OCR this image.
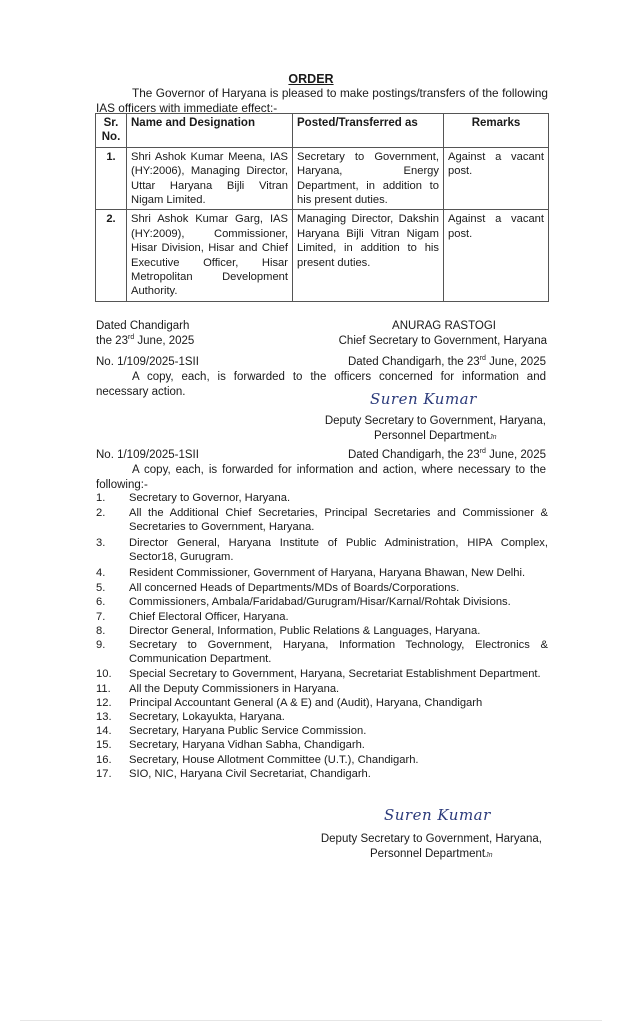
ORDER
The Governor of Haryana is pleased to make postings/transfers of the following IAS officers with immediate effect:-
Sr. No.	Name and Designation	Posted/Transferred as	Remarks
1.	Shri Ashok Kumar Meena, IAS (HY:2006), Managing Director, Uttar Haryana Bijli Vitran Nigam Limited.	Secretary to Government, Haryana, Energy Department, in addition to his present duties.	Against a vacant post.
2.	Shri Ashok Kumar Garg, IAS (HY:2009), Commissioner, Hisar Division, Hisar and Chief Executive Officer, Hisar Metropolitan Development Authority.	Managing Director, Dakshin Haryana Bijli Vitran Nigam Limited, in addition to his present duties.	Against a vacant post.
Dated Chandigarh
the 23rd June, 2025
ANURAG RASTOGI
Chief Secretary to Government, Haryana
No. 1/109/2025-1SII	Dated Chandigarh, the 23rd June, 2025
A copy, each, is forwarded to the officers concerned for information and necessary action.	Suren Kumar
Deputy Secretary to Government, Haryana,
Personnel DepartmentJn
No. 1/109/2025-1SII	Dated Chandigarh, the 23rd June, 2025
A copy, each, is forwarded for information and action, where necessary to the following:-
1.	Secretary to Governor, Haryana.
2.	All the Additional Chief Secretaries, Principal Secretaries and Commissioner & Secretaries to Government, Haryana.
3.	Director General, Haryana Institute of Public Administration, HIPA Complex, Sector18, Gurugram.
4.	Resident Commissioner, Government of Haryana, Haryana Bhawan, New Delhi.
5.	All concerned Heads of Departments/MDs of Boards/Corporations.
6.	Commissioners, Ambala/Faridabad/Gurugram/Hisar/Karnal/Rohtak Divisions.
7.	Chief Electoral Officer, Haryana.
8.	Director General, Information, Public Relations & Languages, Haryana.
9.	Secretary to Government, Haryana, Information Technology, Electronics & Communication Department.
10.	Special Secretary to Government, Haryana, Secretariat Establishment Department.
11.	All the Deputy Commissioners in Haryana.
12.	Principal Accountant General (A & E) and (Audit), Haryana, Chandigarh
13.	Secretary, Lokayukta, Haryana.
14.	Secretary, Haryana Public Service Commission.
15.	Secretary, Haryana Vidhan Sabha, Chandigarh.
16.	Secretary, House Allotment Committee (U.T.), Chandigarh.
17.	SIO, NIC, Haryana Civil Secretariat, Chandigarh.
Suren Kumar
Deputy Secretary to Government, Haryana,
Personnel DepartmentJn
